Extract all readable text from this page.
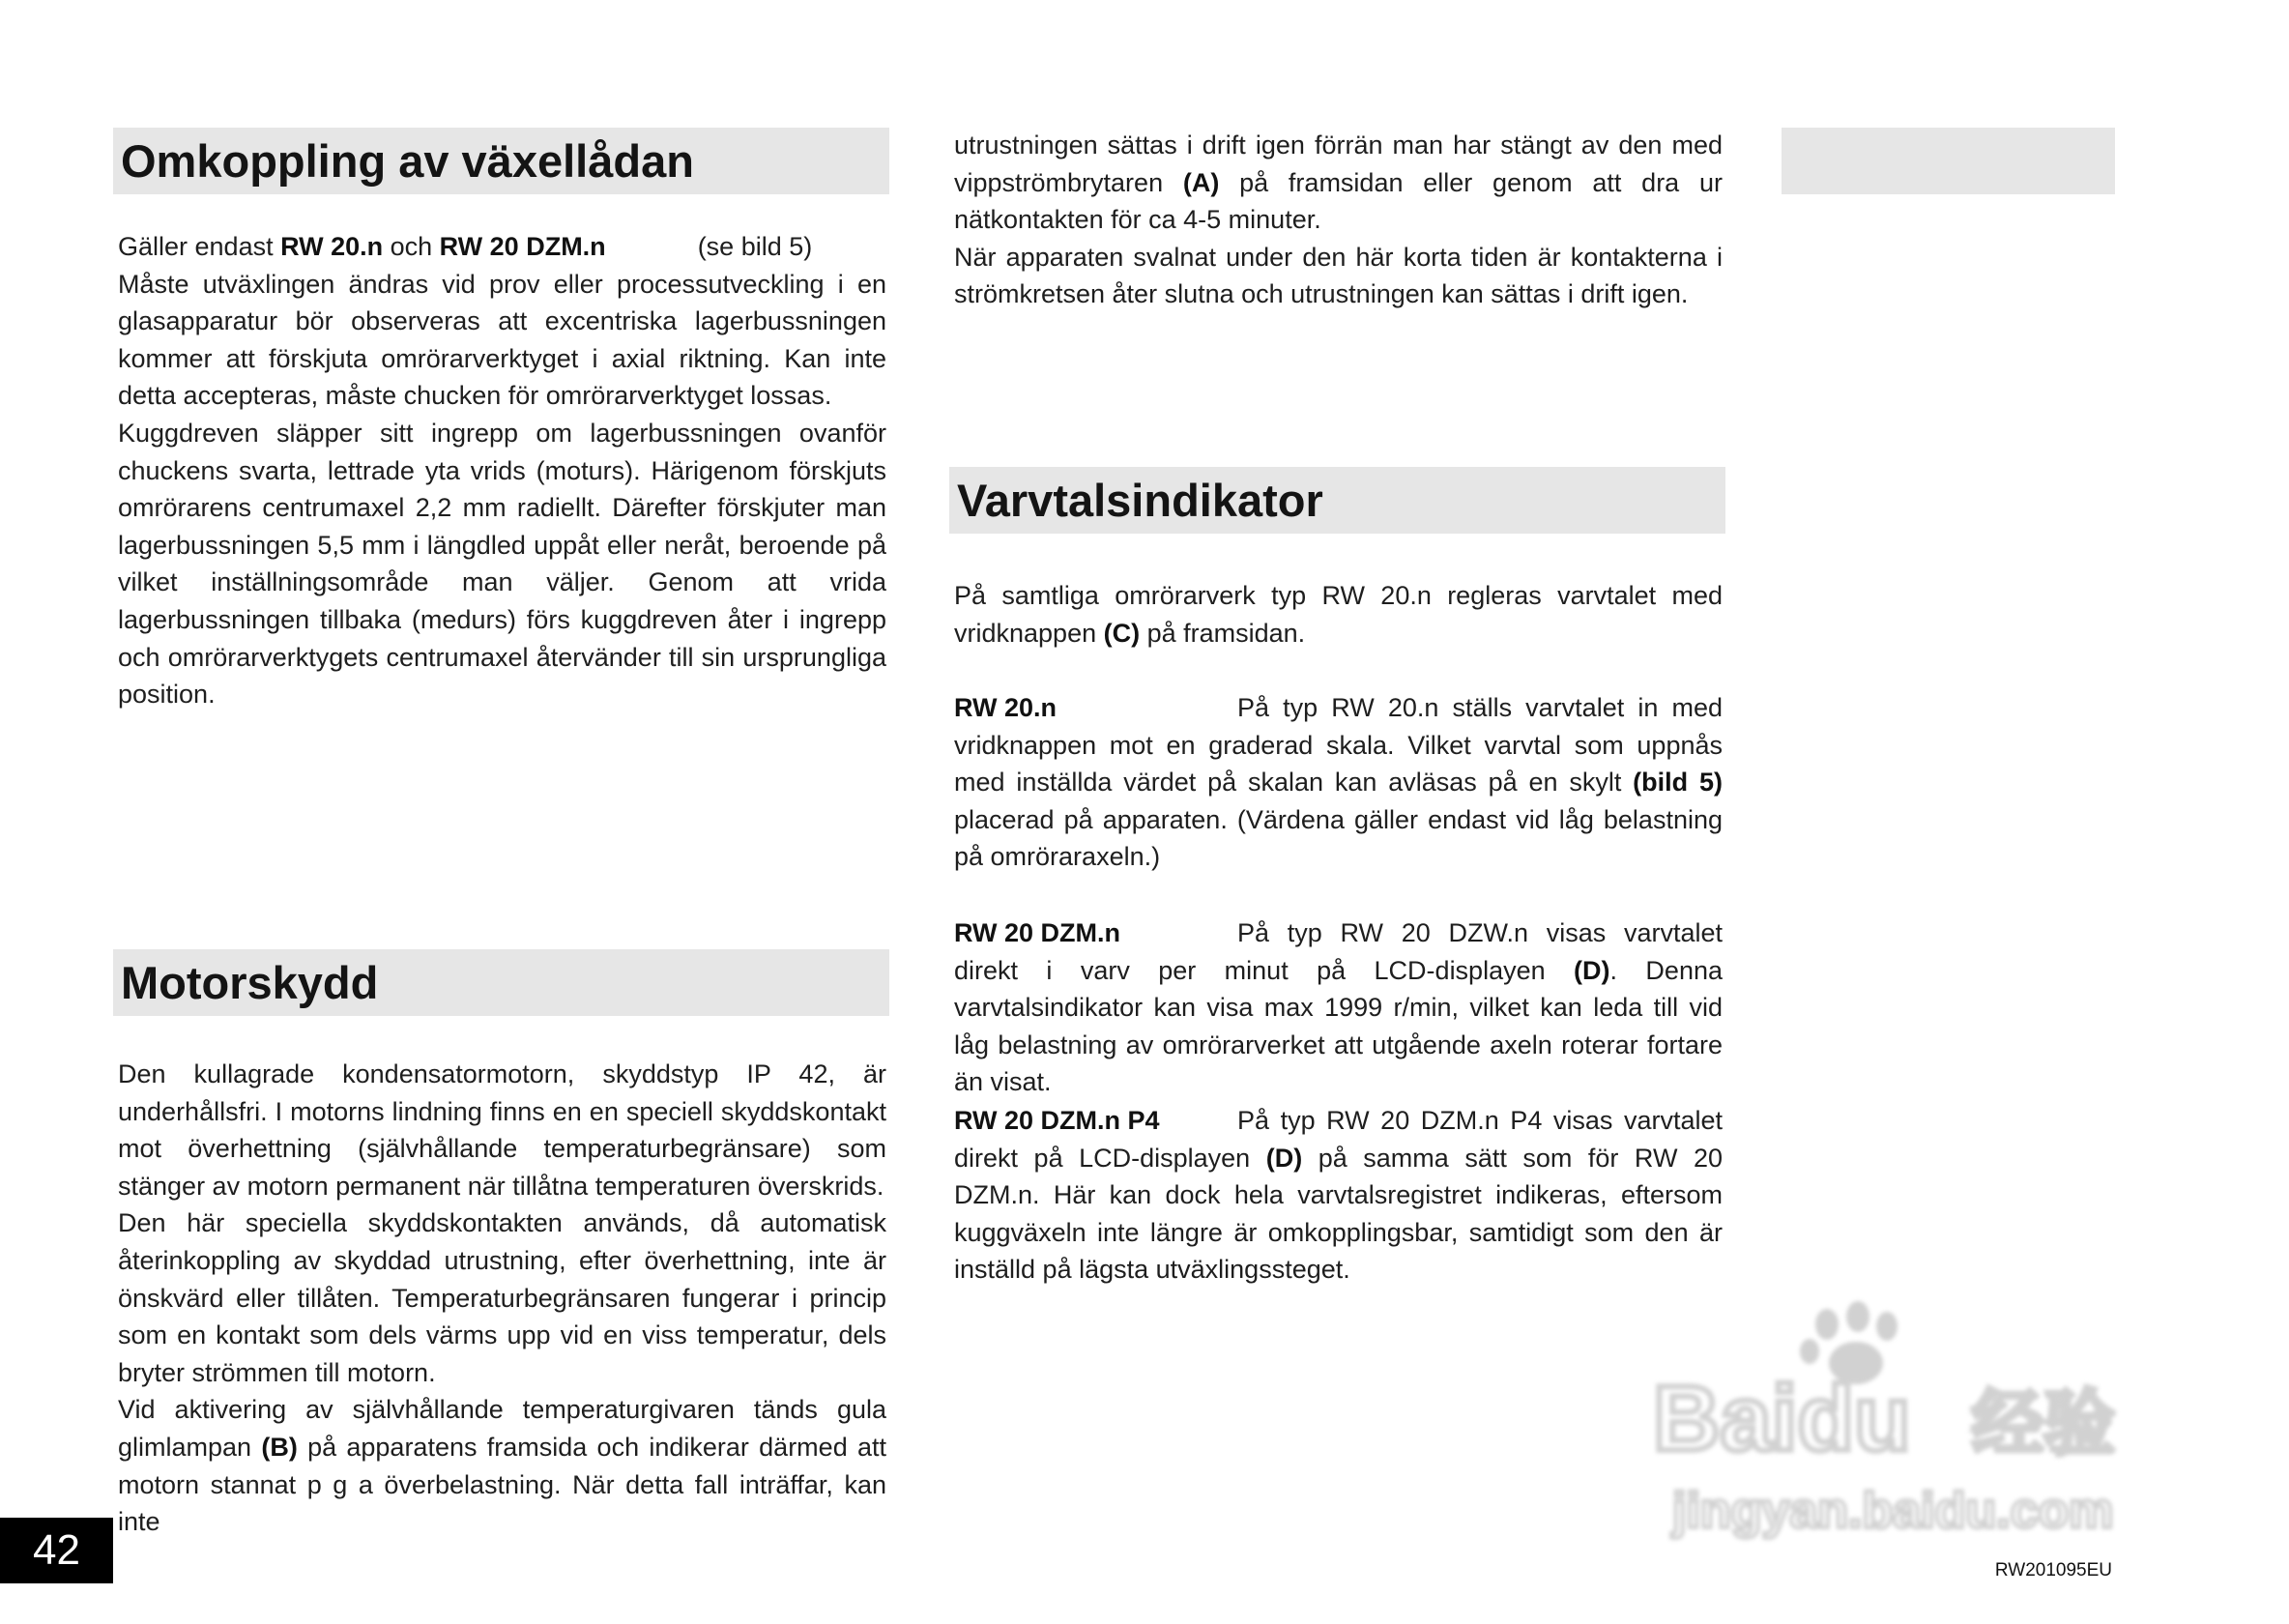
Omkoppling av växellådan

Gäller endast RW 20.n och RW 20 DZM.n	(se bild 5)

Måste utväxlingen ändras vid prov eller processutveckling i en glasapparatur bör observeras att excentriska lagerbussningen kommer att förskjuta omrörarverktyget i axial riktning. Kan inte detta accepteras, måste chucken för omrörarverktyget lossas.

Kuggdreven släpper sitt ingrepp om lagerbussningen ovanför chuckens svarta, lettrade yta vrids (moturs). Härigenom förskjuts omrörarens centrumaxel 2,2 mm radiellt. Därefter förskjuter man lagerbussningen 5,5 mm i längdled uppåt eller neråt, beroende på vilket inställningsområde man väljer. Genom att vrida lagerbussningen tillbaka (medurs) förs kuggdreven åter i ingrepp och omrörarverktygets centrumaxel återvänder till sin ursprungliga position.

Motorskydd

Den kullagrade kondensatormotorn, skyddstyp IP 42, är underhållsfri. I motorns lindning finns en en speciell skyddskontakt mot överhettning (självhållande temperaturbegränsare) som stänger av motorn permanent när tillåtna temperaturen överskrids.

Den här speciella skyddskontakten används, då automatisk återinkoppling av skyddad utrustning, efter överhettning, inte är önskvärd eller tillåten. Temperaturbegränsaren fungerar i princip som en kontakt som dels värms upp vid en viss temperatur, dels bryter strömmen till motorn.

Vid aktivering av självhållande temperaturgivaren tänds gula glimlampan (B) på apparatens framsida och indikerar därmed att motorn stannat p g a överbelastning. När detta fall inträffar, kan inte

utrustningen sättas i drift igen förrän man har stängt av den med vippströmbrytaren (A) på framsidan eller genom att dra ur nätkontakten för ca 4-5 minuter.

När apparaten svalnat under den här korta tiden är kontakterna i strömkretsen åter slutna och utrustningen kan sättas i drift igen.

Varvtalsindikator

På samtliga omrörarverk typ RW 20.n regleras varvtalet med vridknappen (C) på framsidan.

RW 20.n	På typ RW 20.n ställs varvtalet in med vridknappen mot en graderad skala. Vilket varvtal som uppnås med inställda värdet på skalan kan avläsas på en skylt (bild 5) placerad på apparaten. (Värdena gäller endast vid låg belastning på omröraraxeln.)

RW 20 DZM.n	På typ RW 20 DZW.n visas varvtalet direkt i varv per minut på LCD-displayen (D). Denna varvtalsindikator kan visa max 1999 r/min, vilket kan leda till vid låg belastning av omrörarverket att utgående axeln roterar fortare än visat.

RW 20 DZM.n P4	På typ RW 20 DZM.n P4 visas varvtalet direkt på LCD-displayen (D) på samma sätt som för RW 20 DZM.n. Här kan dock hela varvtalsregistret indikeras, eftersom kuggväxeln inte längre är omkopplingsbar, samtidigt som den är inställd på lägsta utväxlingssteget.

Baidu 经验
jingyan.baidu.com
42	RW201095EU
